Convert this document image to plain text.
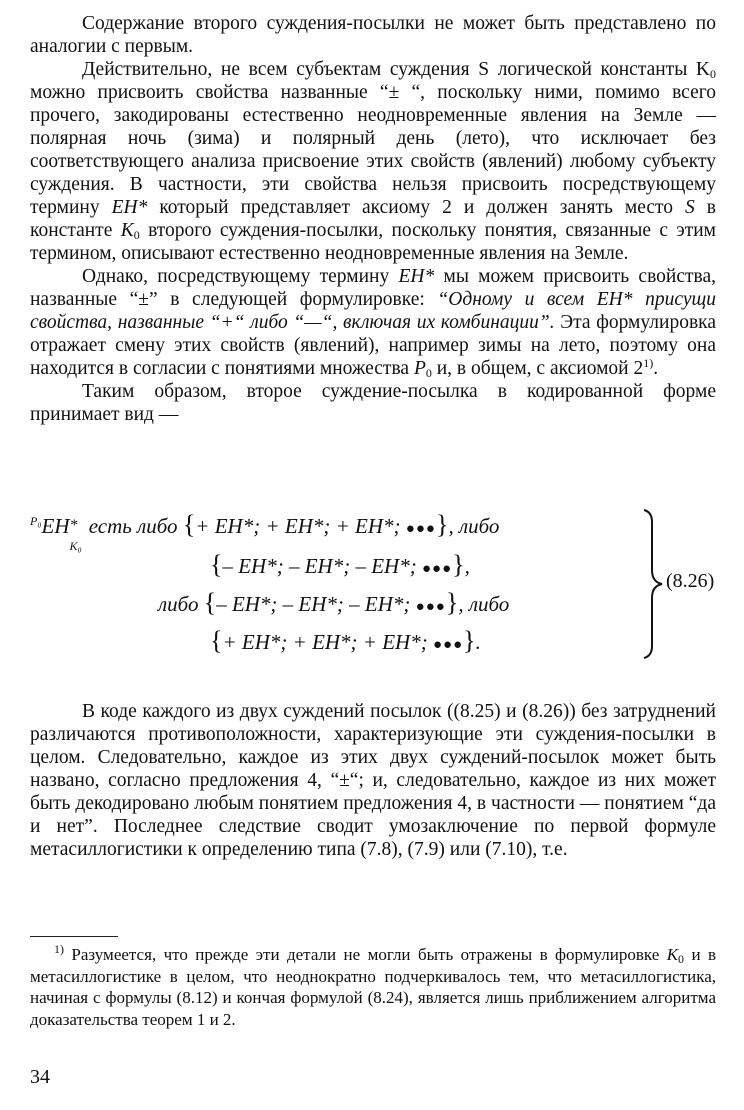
Содержание второго суждения-посылки не может быть представлено по аналогии с первым.

Действительно, не всем субъектам суждения S логической константы $K_0$ можно присвоить свойства названные “± “, поскольку ними, помимо всего прочего, закодированы естественно неодновременные явления на Земле — полярная ночь (зима) и полярный день (лето), что исключает без соответствующего анализа присвоение этих свойств (явлений) любому субъекту суждения. В частности, эти свойства нельзя присвоить посредствующему термину EH* который представляет аксиому 2 и должен занять место S в константе $K_0$ второго суждения-посылки, поскольку понятия, связанные с этим термином, описывают естественно неодновременные явления на Земле.

Однако, посредствующему термину EH* мы можем присвоить свойства, названные “±” в следующей формулировке: “Одному и всем EH* присущи свойства, названные “+“ либо “—“, включая их комбинации”. Эта формулировка отражает смену этих свойств (явлений), например зимы на лето, поэтому она находится в согласии с понятиями множества $P_0$ и, в общем, с аксиомой 2$^{1)}$.

Таким образом, второе суждение-посылка в кодированной форме принимает вид —

$^{P_0}$EH *
K₀
есть либо {+ EH*; + EH*; + EH*; ●●●}, либо
{– EH*; – EH*; – EH*; ●●●},
либо {– EH*; – EH*; – EH*; ●●●}, либо
{+ EH*; + EH*; + EH*; ●●●}.
(8.26)

В коде каждого из двух суждений посылок ((8.25) и (8.26)) без затруднений различаются противоположности, характеризующие эти суждения-посылки в целом. Следовательно, каждое из этих двух суждений-посылок может быть названо, согласно предложения 4, “±“; и, следовательно, каждое из них может быть декодировано любым понятием предложения 4, в частности — понятием “да и нет”. Последнее следствие сводит умозаключение по первой формуле метасиллогистики к определению типа (7.8), (7.9) или (7.10), т.е.

$^{1)}$ Разумеется, что прежде эти детали не могли быть отражены в формулировке $K_0$ и в метасиллогистике в целом, что неоднократно подчеркивалось тем, что метасиллогистика, начиная с формулы (8.12) и кончая формулой (8.24), является лишь приближением алгоритма доказательства теорем 1 и 2.

34
